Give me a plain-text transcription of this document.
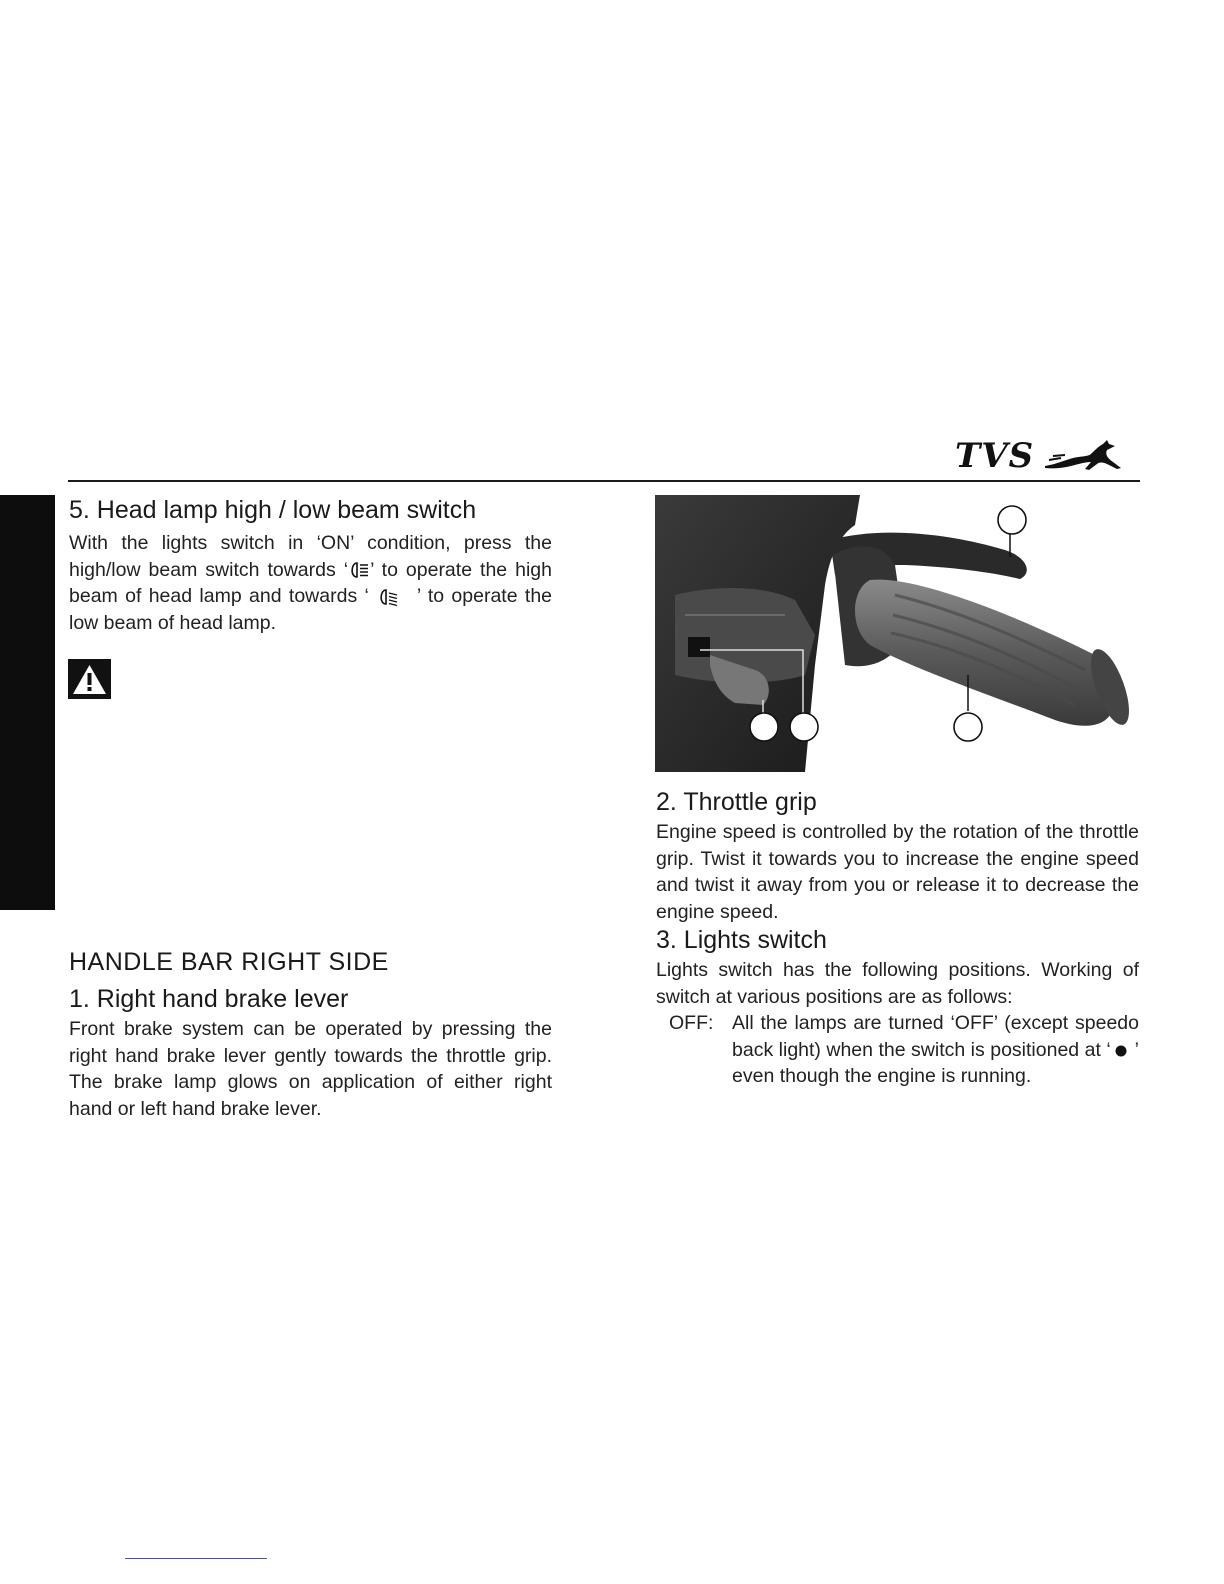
TVS
5. Head lamp high / low beam switch

With the lights switch in ‘ON’ condition, press the high/low beam switch towards ‘ ’ to operate the high beam of head lamp and towards ‘ ’ to operate the low beam of head lamp.

HANDLE BAR RIGHT SIDE
1. Right hand brake lever

Front brake system can be operated by pressing the right hand brake lever gently towards the throttle grip. The brake lamp glows on application of either right hand or left hand brake lever.

2. Throttle grip

Engine speed is controlled by the rotation of the throttle grip. Twist it towards you to increase the engine speed and twist it away from you or release it to decrease the engine speed.

3. Lights switch

Lights switch has the following positions. Working of switch at various positions are as follows:

OFF: All the lamps are turned ‘OFF’ (except speedo back light) when the switch is positioned at ‘ ’ even though the engine is running.
